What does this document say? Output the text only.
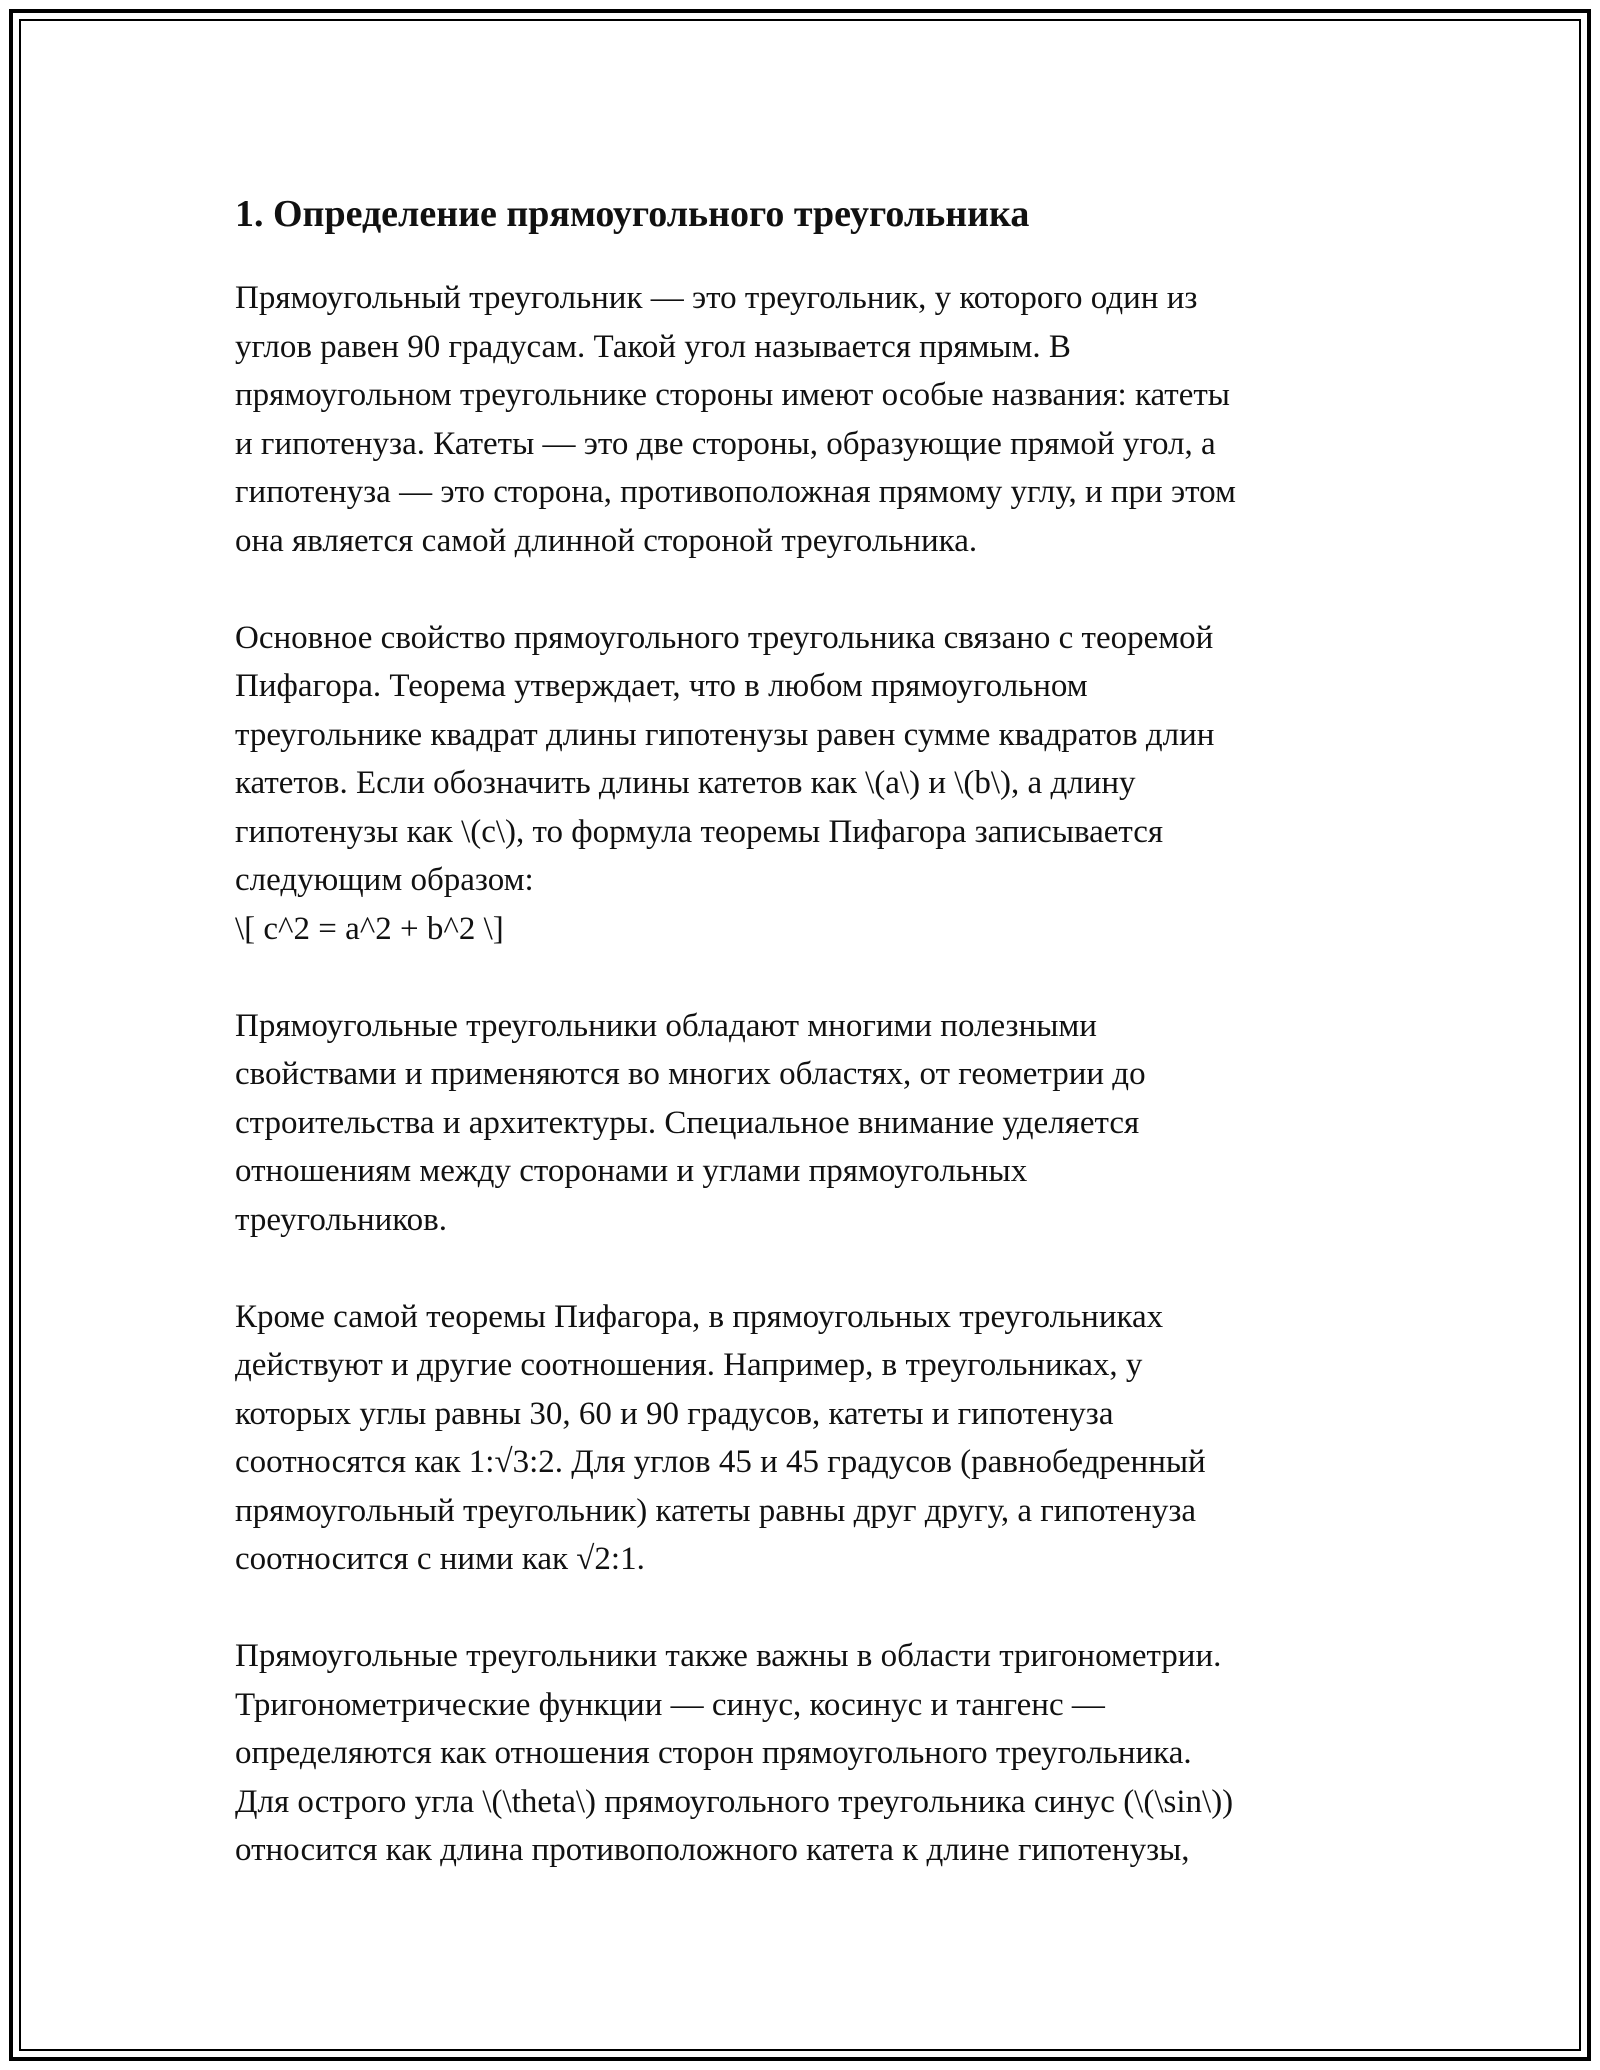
1. Определение прямоугольного треугольника
Прямоугольный треугольник — это треугольник, у которого один из
углов равен 90 градусам. Такой угол называется прямым. В
прямоугольном треугольнике стороны имеют особые названия: катеты
и гипотенуза. Катеты — это две стороны, образующие прямой угол, а
гипотенуза — это сторона, противоположная прямому углу, и при этом
она является самой длинной стороной треугольника.

Основное свойство прямоугольного треугольника связано с теоремой
Пифагора. Теорема утверждает, что в любом прямоугольном
треугольнике квадрат длины гипотенузы равен сумме квадратов длин
катетов. Если обозначить длины катетов как \(a\) и \(b\), а длину
гипотенузы как \(c\), то формула теоремы Пифагора записывается
следующим образом:
\[ c^2 = a^2 + b^2 \]

Прямоугольные треугольники обладают многими полезными
свойствами и применяются во многих областях, от геометрии до
строительства и архитектуры. Специальное внимание уделяется
отношениям между сторонами и углами прямоугольных
треугольников.

Кроме самой теоремы Пифагора, в прямоугольных треугольниках
действуют и другие соотношения. Например, в треугольниках, у
которых углы равны 30, 60 и 90 градусов, катеты и гипотенуза
соотносятся как 1:√3:2. Для углов 45 и 45 градусов (равнобедренный
прямоугольный треугольник) катеты равны друг другу, а гипотенуза
соотносится с ними как √2:1.

Прямоугольные треугольники также важны в области тригонометрии.
Тригонометрические функции — синус, косинус и тангенс —
определяются как отношения сторон прямоугольного треугольника.
Для острого угла \(\theta\) прямоугольного треугольника синус (\(\sin\))
относится как длина противоположного катета к длине гипотенузы,
